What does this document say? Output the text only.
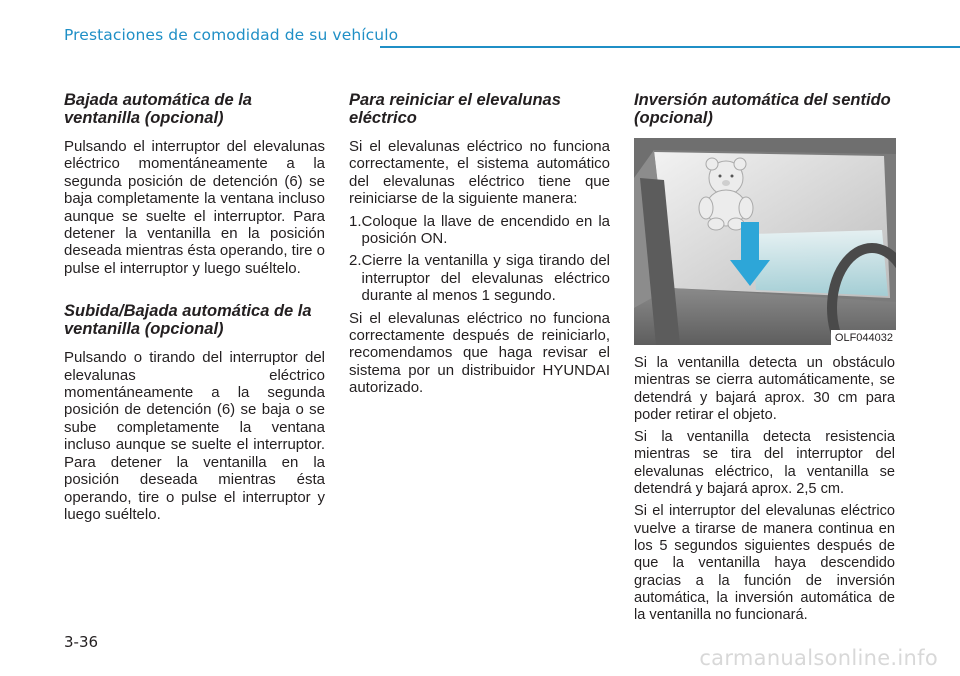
Prestaciones de comodidad de su vehículo
Bajada automática de la ventanilla (opcional)

Pulsando el interruptor del elevalunas eléctrico momentáneamente a la segunda posición de detención (6) se baja completamente la ventana incluso aunque se suelte el interruptor. Para detener la ventanilla en la posición deseada mientras ésta operando, tire o pulse el interruptor y luego suéltelo.

Subida/Bajada automática de la ventanilla (opcional)

Pulsando o tirando del interruptor del elevalunas eléctrico momentáneamente a la segunda posición de detención (6) se baja o se sube completamente la ventana incluso aunque se suelte el interruptor. Para detener la ventanilla en la posición deseada mientras ésta operando, tire o pulse el interruptor y luego suéltelo.

Para reiniciar el elevalunas eléctrico

Si el elevalunas eléctrico no funciona correctamente, el sistema automático del elevalunas eléctrico tiene que reiniciarse de la siguiente manera:

1. Coloque la llave de encendido en la posición ON.
2. Cierre la ventanilla y siga tirando del interruptor del elevalunas eléctrico durante al menos 1 segundo.

Si el elevalunas eléctrico no funciona correctamente después de reiniciarlo, recomendamos que haga revisar el sistema por un distribuidor HYUNDAI autorizado.

Inversión automática del sentido (opcional)
OLF044032

Si la ventanilla detecta un obstáculo mientras se cierra automáticamente, se detendrá y bajará aprox. 30 cm para poder retirar el objeto.

Si la ventanilla detecta resistencia mientras se tira del interruptor del elevalunas eléctrico, la ventanilla se detendrá y bajará aprox. 2,5 cm.

Si el interruptor del elevalunas eléctrico vuelve a tirarse de manera continua en los 5 segundos siguientes después de que la ventanilla haya descendido gracias a la función de inversión automática, la inversión automática de la ventanilla no funcionará.

3-36
carmanualsonline.info
